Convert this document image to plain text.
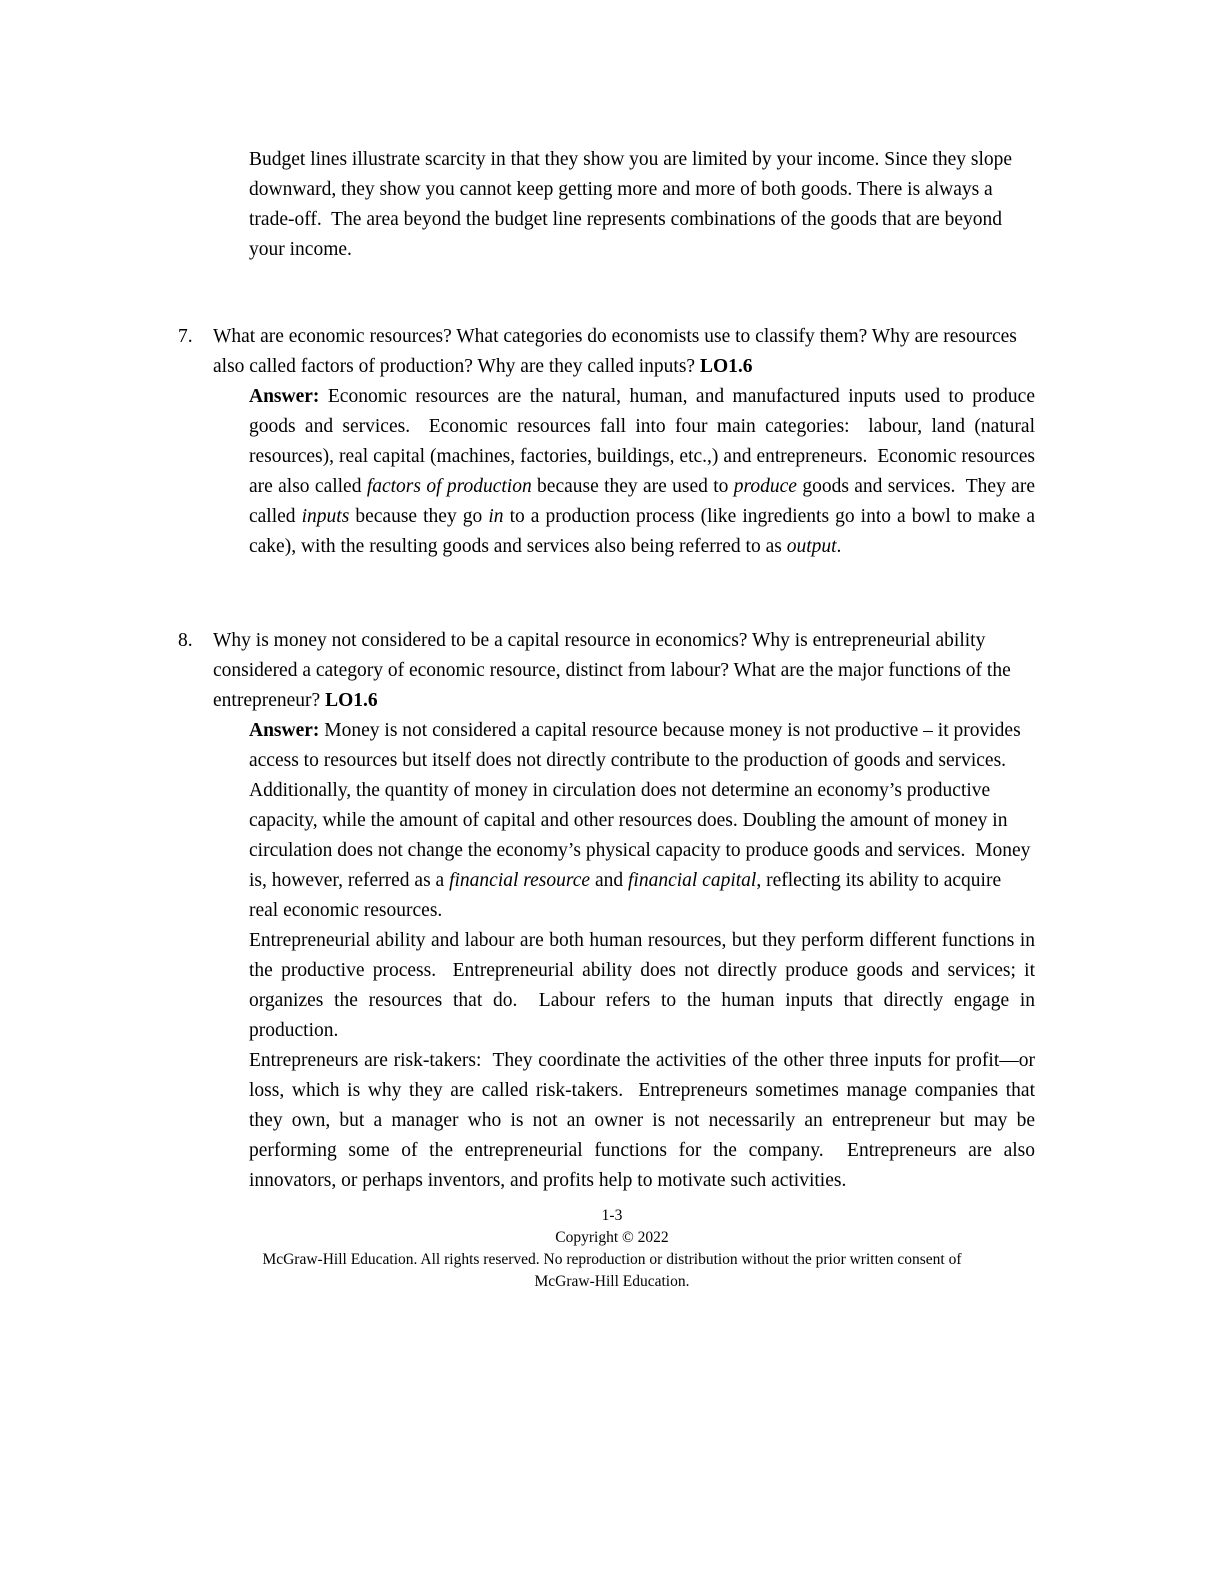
Budget lines illustrate scarcity in that they show you are limited by your income. Since they slope downward, they show you cannot keep getting more and more of both goods. There is always a trade-off.  The area beyond the budget line represents combinations of the goods that are beyond your income.

7.	What are economic resources? What categories do economists use to classify them? Why are resources also called factors of production? Why are they called inputs? LO1.6

Answer: Economic resources are the natural, human, and manufactured inputs used to produce goods and services.  Economic resources fall into four main categories:  labour, land (natural resources), real capital (machines, factories, buildings, etc.,) and entrepreneurs.  Economic resources are also called factors of production because they are used to produce goods and services.  They are called inputs because they go in to a production process (like ingredients go into a bowl to make a cake), with the resulting goods and services also being referred to as output.

8.	Why is money not considered to be a capital resource in economics? Why is entrepreneurial ability considered a category of economic resource, distinct from labour? What are the major functions of the entrepreneur? LO1.6

Answer: Money is not considered a capital resource because money is not productive – it provides access to resources but itself does not directly contribute to the production of goods and services. Additionally, the quantity of money in circulation does not determine an economy’s productive capacity, while the amount of capital and other resources does. Doubling the amount of money in circulation does not change the economy’s physical capacity to produce goods and services.  Money is, however, referred as a financial resource and financial capital, reflecting its ability to acquire real economic resources.

Entrepreneurial ability and labour are both human resources, but they perform different functions in the productive process.  Entrepreneurial ability does not directly produce goods and services; it organizes the resources that do.  Labour refers to the human inputs that directly engage in production.

Entrepreneurs are risk-takers:  They coordinate the activities of the other three inputs for profit—or loss, which is why they are called risk-takers.  Entrepreneurs sometimes manage companies that they own, but a manager who is not an owner is not necessarily an entrepreneur but may be performing some of the entrepreneurial functions for the company.  Entrepreneurs are also innovators, or perhaps inventors, and profits help to motivate such activities.

1-3
Copyright © 2022
McGraw-Hill Education. All rights reserved. No reproduction or distribution without the prior written consent of
McGraw-Hill Education.
